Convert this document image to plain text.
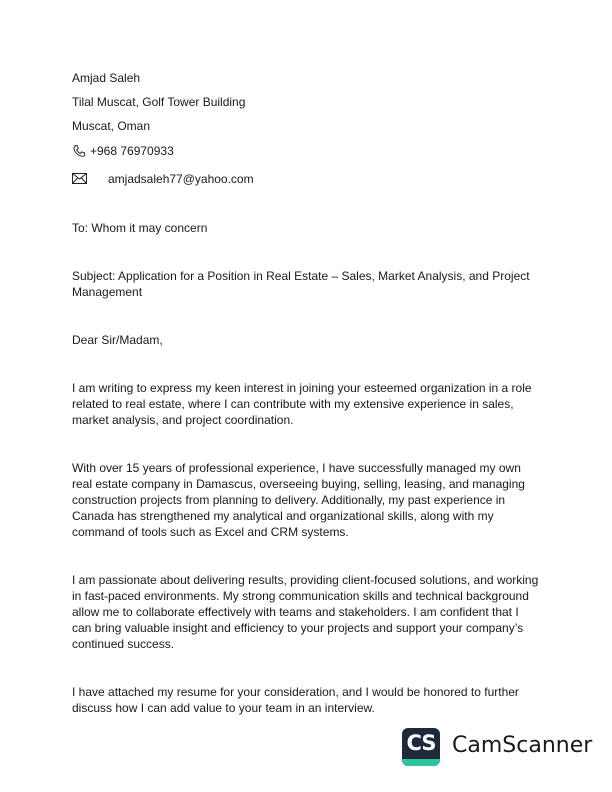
Amjad Saleh
Tilal Muscat, Golf Tower Building
Muscat, Oman
+968 76970933
amjadsaleh77@yahoo.com
To: Whom it may concern
Subject: Application for a Position in Real Estate – Sales, Market Analysis, and Project
Management
Dear Sir/Madam,
I am writing to express my keen interest in joining your esteemed organization in a role
related to real estate, where I can contribute with my extensive experience in sales,
market analysis, and project coordination.
With over 15 years of professional experience, I have successfully managed my own
real estate company in Damascus, overseeing buying, selling, leasing, and managing
construction projects from planning to delivery. Additionally, my past experience in
Canada has strengthened my analytical and organizational skills, along with my
command of tools such as Excel and CRM systems.
I am passionate about delivering results, providing client-focused solutions, and working
in fast-paced environments. My strong communication skills and technical background
allow me to collaborate effectively with teams and stakeholders. I am confident that I
can bring valuable insight and efficiency to your projects and support your company’s
continued success.
I have attached my resume for your consideration, and I would be honored to further
discuss how I can add value to your team in an interview.
CS CamScanner
